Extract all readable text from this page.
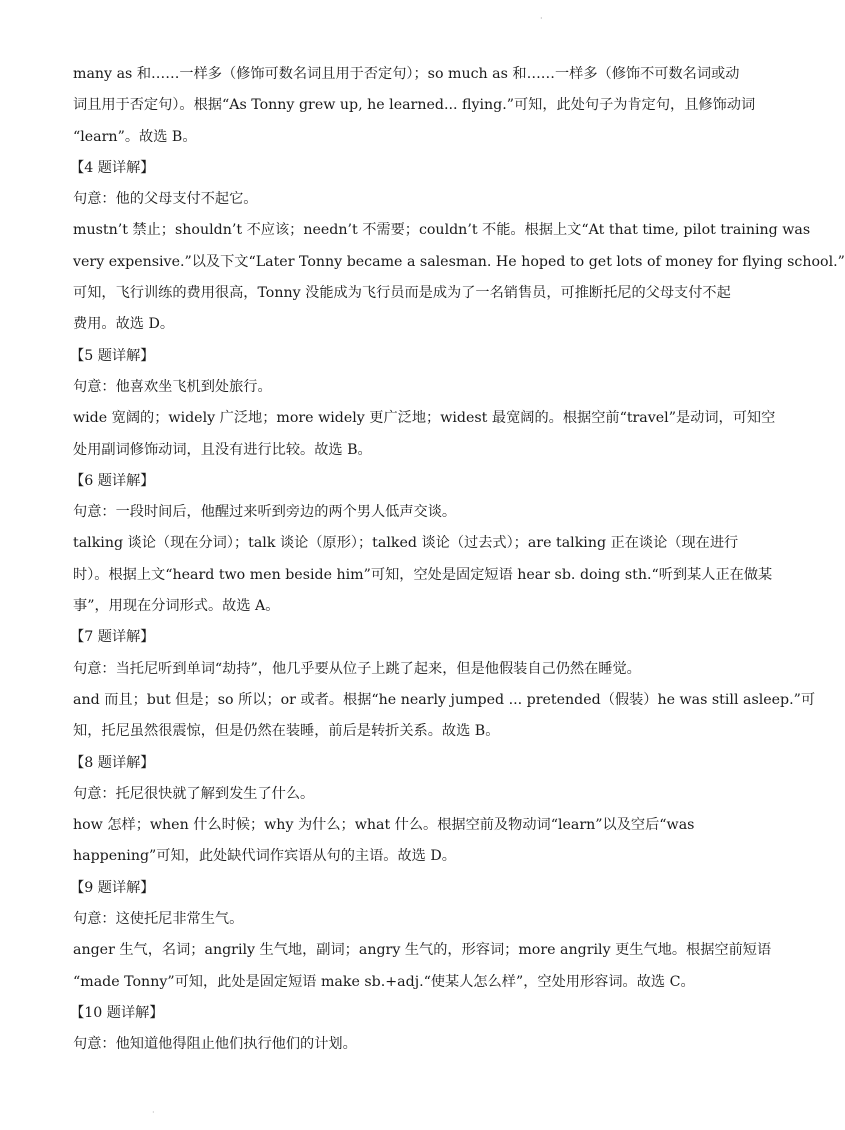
·
many as 和……一样多（修饰可数名词且用于否定句）；so much as 和……一样多（修饰不可数名词或动
词且用于否定句）。根据“As Tonny grew up, he learned... flying.”可知，此处句子为肯定句，且修饰动词
“learn”。故选 B。
【4 题详解】
句意：他的父母支付不起它。
mustn’t 禁止；shouldn’t 不应该；needn’t 不需要；couldn’t 不能。根据上文“At that time, pilot training was
very expensive.”以及下文“Later Tonny became a salesman. He hoped to get lots of money for flying school.”
可知，飞行训练的费用很高，Tonny 没能成为飞行员而是成为了一名销售员，可推断托尼的父母支付不起
费用。故选 D。
【5 题详解】
句意：他喜欢坐飞机到处旅行。
wide 宽阔的；widely 广泛地；more widely 更广泛地；widest 最宽阔的。根据空前“travel”是动词，可知空
处用副词修饰动词，且没有进行比较。故选 B。
【6 题详解】
句意：一段时间后，他醒过来听到旁边的两个男人低声交谈。
talking 谈论（现在分词）；talk 谈论（原形）；talked 谈论（过去式）；are talking 正在谈论（现在进行
时）。根据上文“heard two men beside him”可知，空处是固定短语 hear sb. doing sth.“听到某人正在做某
事”，用现在分词形式。故选 A。
【7 题详解】
句意：当托尼听到单词“劫持”，他几乎要从位子上跳了起来，但是他假装自己仍然在睡觉。
and 而且；but 但是；so 所以；or 或者。根据“he nearly jumped ... pretended（假装）he was still asleep.”可
知，托尼虽然很震惊，但是仍然在装睡，前后是转折关系。故选 B。
【8 题详解】
句意：托尼很快就了解到发生了什么。
how 怎样；when 什么时候；why 为什么；what 什么。根据空前及物动词“learn”以及空后“was
happening”可知，此处缺代词作宾语从句的主语。故选 D。
【9 题详解】
句意：这使托尼非常生气。
anger 生气，名词；angrily 生气地，副词；angry 生气的，形容词；more angrily 更生气地。根据空前短语
“made Tonny”可知，此处是固定短语 make sb.+adj.“使某人怎么样”，空处用形容词。故选 C。
【10 题详解】
句意：他知道他得阻止他们执行他们的计划。
·
